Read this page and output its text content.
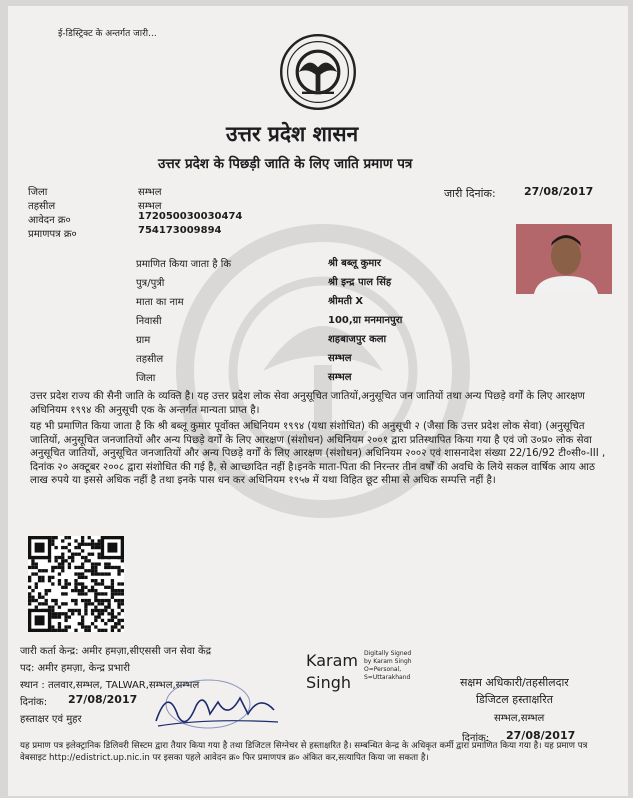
ई-डिस्ट्रिक्ट के अन्तर्गत जारी...
उत्तर प्रदेश शासन
उत्तर प्रदेश के पिछड़ी जाति के लिए जाति प्रमाण पत्र
जिला	सम्भल
तहसील	सम्भल
आवेदन क्र०	172050030030474
प्रमाणपत्र क्र०	754173009894
जारी दिनांक:	27/08/2017
प्रमाणित किया जाता है कि	श्री बब्लू कुमार
पुत्र/पुत्री	श्री इन्द्र पाल सिंह
माता का नाम	श्रीमती X
निवासी	100,ग्रा मनमानपुरा
ग्राम	शहबाजपुर कला
तहसील	सम्भल
जिला	सम्भल
उत्तर प्रदेश राज्य की सैनी जाति के व्यक्ति है। यह उत्तर प्रदेश लोक सेवा अनुसूचित जातियों,अनुसूचित जन जातियों तथा अन्य पिछड़े वर्गों के लिए आरक्षण अधिनियम १९९४ की अनुसूची एक के अन्तर्गत मान्यता प्राप्त है।
यह भी प्रमाणित किया जाता है कि श्री बब्लू कुमार पूर्वोक्त अधिनियम १९९४ (यथा संशोधित) की अनुसूची २ (जैसा कि उत्तर प्रदेश लोक सेवा) (अनुसूचित जातियों, अनुसूचित जनजातियों और अन्य पिछड़े वर्गों के लिए आरक्षण (संशोधन) अधिनियम २००१ द्वारा प्रतिस्थापित किया गया है एवं जो उ०प्र० लोक सेवा अनुसूचित जातियों, अनुसूचित जनजातियों और अन्य पिछड़े वर्गों के लिए आरक्षण (संशोधन) अधिनियम २००२ एवं शासनादेश संख्या 22/16/92 टी०सी०-III , दिनांक २० अक्टूबर २००८ द्वारा संशोधित की गई है, से आच्छादित नहीं है।इनके माता-पिता की निरन्तर तीन वर्षों की अवधि के लिये सकल वार्षिक आय आठ लाख रुपये या इससे अधिक नहीं है तथा इनके पास धन कर अधिनियम १९५७ में यथा विहित छूट सीमा से अधिक सम्पत्ति नहीं है।
जारी कर्ता केन्द्र: अमीर हमज़ा,सीएससी जन सेवा केंद्र
पद: अमीर हमज़ा, केन्द्र प्रभारी
स्थान : तलवार,सम्भल, TALWAR,सम्भल,सम्भल
दिनांक: 27/08/2017
हस्ताक्षर एवं मुहर
Karam
Singh
Digitally Signed
by Karam Singh
O=Personal,
S=Uttarakhand	सक्षम अधिकारी/तहसीलदार
डिजिटल हस्ताक्षरित
सम्भल,सम्भल
दिनांक: 27/08/2017
यह प्रमाण पत्र इलेक्ट्रानिक डिलिवरी सिस्टम द्वारा तैयार किया गया है तथा डिजिटल सिग्नेचर से हस्ताक्षरित है। सम्बन्धित केन्द्र के अधिकृत कर्मी द्वारा प्रमाणित किया गया है। यह प्रमाण पत्र वेबसाइट http://edistrict.up.nic.in पर इसका पहले आवेदन क्र० फिर प्रमाणपत्र क्र० अंकित कर,सत्यापित किया जा सकता है।
